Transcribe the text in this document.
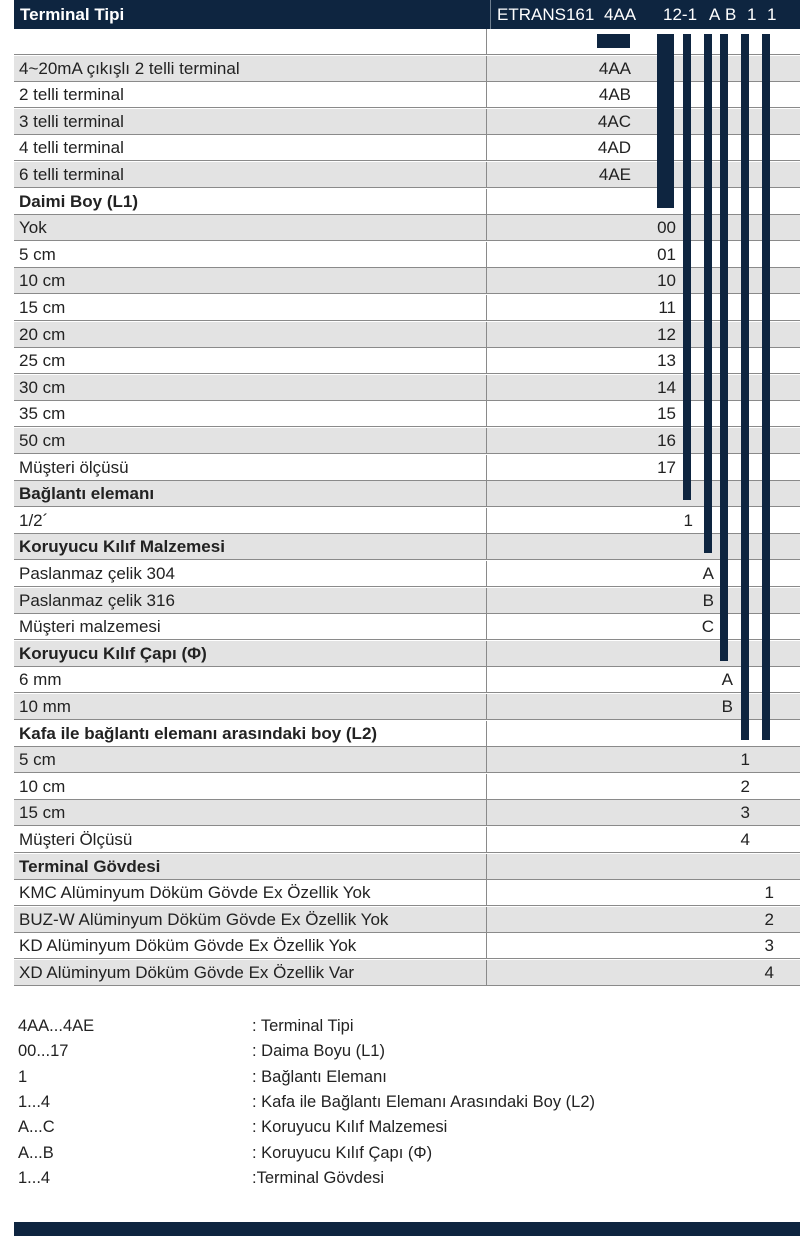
Terminal Tipi	ETRANS161 4AA 12-1 A B 1 1
4~20mA çıkışlı 2 telli terminal	4AA
2 telli terminal	4AB
3 telli terminal	4AC
4 telli terminal	4AD
6 telli terminal	4AE
Daimi Boy (L1)
Yok	00
5 cm	01
10 cm	10
15 cm	11
20 cm	12
25 cm	13
30 cm	14
35 cm	15
50 cm	16
Müşteri ölçüsü	17
Bağlantı elemanı
1/2´	1
Koruyucu Kılıf Malzemesi
Paslanmaz çelik 304	A
Paslanmaz çelik 316	B
Müşteri malzemesi	C
Koruyucu Kılıf Çapı (Φ)
6 mm	A
10 mm	B
Kafa ile bağlantı elemanı arasındaki boy (L2)
5 cm	1
10 cm	2
15 cm	3
Müşteri Ölçüsü	4
Terminal Gövdesi
KMC Alüminyum Döküm Gövde Ex Özellik Yok	1
BUZ-W Alüminyum Döküm Gövde Ex Özellik Yok	2
KD Alüminyum Döküm Gövde Ex Özellik Yok	3
XD Alüminyum Döküm Gövde Ex Özellik Var	4
4AA...4AE	: Terminal Tipi
00...17	: Daima Boyu (L1)
1	: Bağlantı Elemanı
1...4	: Kafa ile Bağlantı Elemanı Arasındaki Boy (L2)
A...C	: Koruyucu Kılıf Malzemesi
A...B	: Koruyucu Kılıf Çapı (Φ)
1...4	:Terminal Gövdesi
